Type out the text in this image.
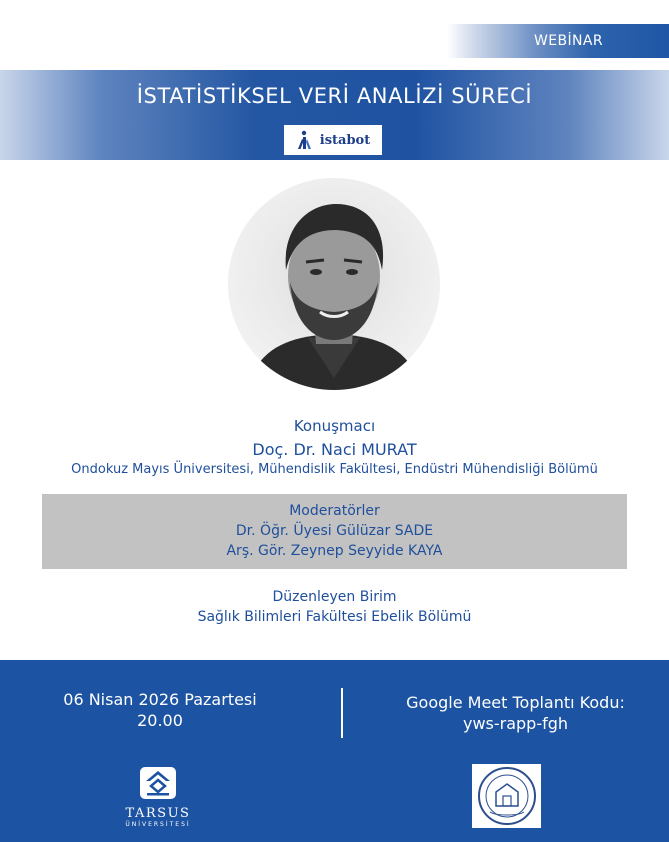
WEBİNAR
İSTATİSTİKSEL VERİ ANALİZİ SÜRECİ
istabot
Konuşmacı
Doç. Dr. Naci MURAT
Ondokuz Mayıs Üniversitesi, Mühendislik Fakültesi, Endüstri Mühendisliği Bölümü
Moderatörler
Dr. Öğr. Üyesi Gülüzar SADE
Arş. Gör. Zeynep Seyyide KAYA
Düzenleyen Birim
Sağlık Bilimleri Fakültesi Ebelik Bölümü
06 Nisan 2026 Pazartesi
20.00
Google Meet Toplantı Kodu:
yws-rapp-fgh
TARSUS
ÜNİVERSİTESİ
